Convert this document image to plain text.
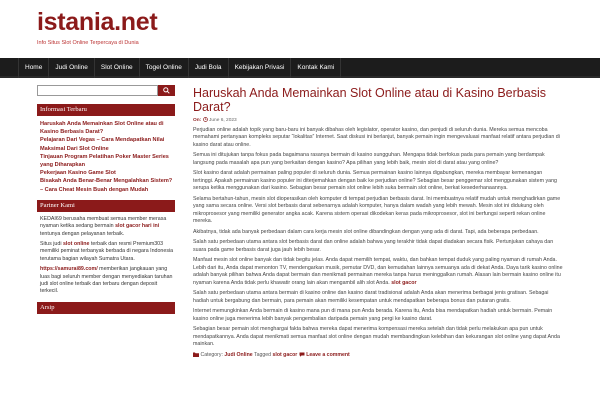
istania.net
Info Situs Slot Online Terpercaya di Dunia
Home	Judi Online	Slot Online	Togel Online	Judi Bola	Kebijakan Privasi	Kontak Kami
Informasi Terbaru
Haruskah Anda Memainkan Slot Online atau di Kasino Berbasis Darat?
Pelajaran Dari Vegas – Cara Mendapatkan Nilai Maksimal Dari Slot Online
Tinjauan Program Pelatihan Poker Master Series yang Diharapkan
Pekerjaan Kasino Game Slot
Bisakah Anda Benar-Benar Mengalahkan Sistem? – Cara Cheat Mesin Buah dengan Mudah
Partner Kami

KEDAI69 berusaha membuat semua member merasa nyaman ketika sedang bermain slot gacor hari ini tentunya dengan pelayanan terbaik.

Situs judi slot online terbaik dan resmi Premium303 memiliki peminat terbanyak berbada di negara Indonesia terutama bagian wilayah Sumatra Utara.

https://samurai89.com/ memberikan jangkauan yang luas bagi seluruh member dengan menyediakan taruhan judi slot online terbaik dan terbaru dengan deposit terkecil.

Arsip
Haruskah Anda Memainkan Slot Online atau di Kasino Berbasis Darat?
On: June 6, 2023

Perjudian online adalah topik yang baru-baru ini banyak dibahas oleh legislator, operator kasino, dan penjudi di seluruh dunia. Mereka semua mencoba memahami pertanyaan kompleks seputar “lokalitas” Internet. Saat diskusi ini berlanjut, banyak pemain ingin mengevaluasi manfaat relatif antara perjudian di kasino darat atau online.

Semua ini ditujukan tanpa fokus pada bagaimana rasanya bermain di kasino sungguhan. Mengapa tidak berfokus pada para pemain yang berdampak langsung pada masalah apa pun yang berkaitan dengan kasino? Apa pilihan yang lebih baik, mesin slot di darat atau yang online?

Slot kasino darat adalah permainan paling populer di seluruh dunia. Semua permainan kasino lainnya digabungkan, mereka membayar kemenangan tertinggi. Apakah permainan kasino populer ini diterjemahkan dengan baik ke perjudian online? Sebagian besar penggemar slot menggunakan sistem yang serupa ketika menggunakan dari kasino. Sebagian besar pemain slot online lebih suka bermain slot online, berkat kesederhanaannya.

Selama bertahun-tahun, mesin slot dioperasikan oleh komputer di tempat perjudian berbasis darat. Ini membuatnya relatif mudah untuk menghadirkan game yang sama secara online. Versi slot berbasis darat sebenarnya adalah komputer, hanya dalam wadah yang lebih mewah. Mesin slot ini didukung oleh mikroprosesor yang memiliki generator angka acak. Karena sistem operasi dikodekan keras pada mikroprosesor, slot ini berfungsi seperti rekan online mereka.

Akibatnya, tidak ada banyak perbedaan dalam cara kerja mesin slot online dibandingkan dengan yang ada di darat. Tapi, ada beberapa perbedaan.

Salah satu perbedaan utama antara slot berbasis darat dan online adalah bahwa yang terakhir tidak dapat diadakan secara fisik. Pertunjukan cahaya dan suara pada game berbasis darat juga jauh lebih besar.

Manfaat mesin slot online banyak dan tidak begitu jelas. Anda dapat memilih tempat, waktu, dan bahkan tempat duduk yang paling nyaman di rumah Anda. Lebih dari itu, Anda dapat menonton TV, mendengarkan musik, pemutar DVD, dan kemudahan lainnya semuanya ada di dekat Anda. Daya tarik kasino online adalah banyak pilihan bahwa Anda dapat bermain dan menikmati permainan mereka tanpa harus meninggalkan rumah. Alasan lain bermain kasino online itu nyaman karena Anda tidak perlu khawatir orang lain akan mengambil alih slot Anda. slot gacor

Salah satu perbedaan utama antara bermain di kasino online dan kasino darat tradisional adalah Anda akan menerima berbagai jenis gratisan. Sebagai hadiah untuk bergabung dan bermain, para pemain akan memiliki kesempatan untuk mendapatkan beberapa bonus dan putaran gratis.

Internet memungkinkan Anda bermain di kasino mana pun di mana pun Anda berada. Karena itu, Anda bisa mendapatkan hadiah untuk bermain. Pemain kasino online juga menerima lebih banyak pengembalian daripada pemain yang pergi ke kasino darat.

Sebagian besar pemain slot menghargai fakta bahwa mereka dapat menerima kompensasi mereka setelah dan tidak perlu melakukan apa pun untuk mendapatkannya. Anda dapat menikmati semua manfaat slot online dengan mudah membandingkan kelebihan dan kekurangan slot online yang dapat Anda mainkan.

Category: Judi Online Tagged slot gacor Leave a comment
